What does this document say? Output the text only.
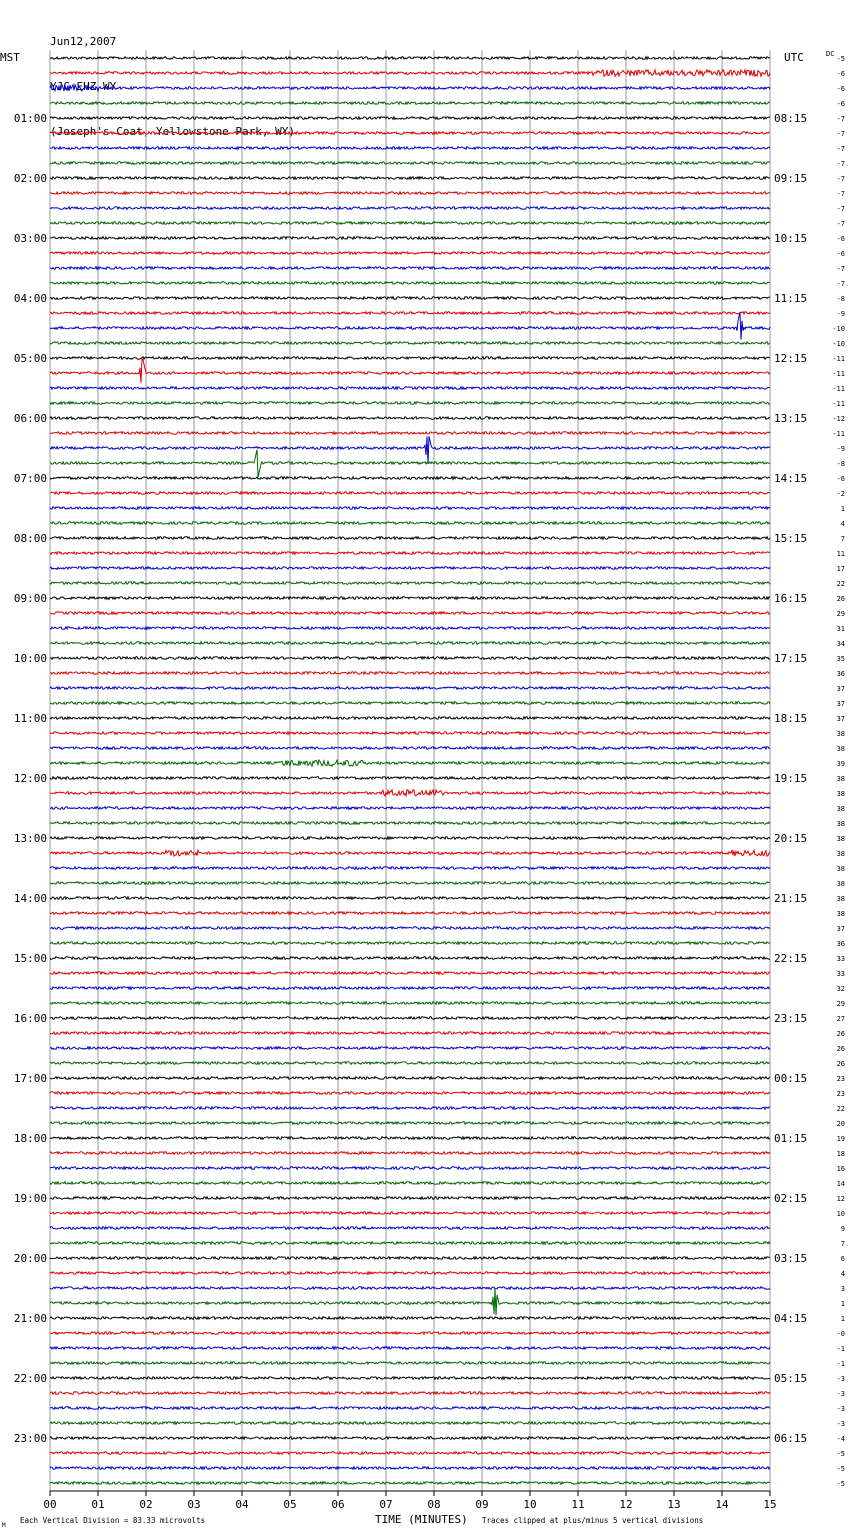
Jun12,2007

YJC EHZ WY

(Joseph's Coat, Yellowstone Park, WY)

MST	UTC	DC
01:00
02:00
03:00
04:00
05:00
06:00
07:00
08:00
09:00
10:00
11:00
12:00
13:00
14:00
15:00
16:00
17:00
18:00
19:00
20:00
21:00
22:00
23:00
08:15
09:15
10:15
11:15
12:15
13:15
14:15
15:15
16:15
17:15
18:15
19:15
20:15
21:15
22:15
23:15
00:15
01:15
02:15
03:15
04:15
05:15
06:15
-5
-6
-6
-6
-7
-7
-7
-7
-7
-7
-7
-7
-6
-6
-7
-7
-8
-9
-10
-10
-11
-11
-11
-11
-12
-11
-9
-8
-6
-2
1
4
7
11
17
22
26
29
31
34
35
36
37
37
37
38
38
39
38
38
38
38
38
38
38
38
38
38
37
36
33
33
32
29
27
26
26
26
23
23
22
20
19
18
16
14
12
10
9
7
6
4
3
1
1
-0
-1
-1
-3
-3
-3
-3
-4
-5
-5
-5
00	01	02	03	04	05	06	07	08	09	10	11	12	13	14	15
Each Vertical Division = 83.33 microvolts	TIME (MINUTES) Traces clipped at plus/minus 5 vertical divisions
M
